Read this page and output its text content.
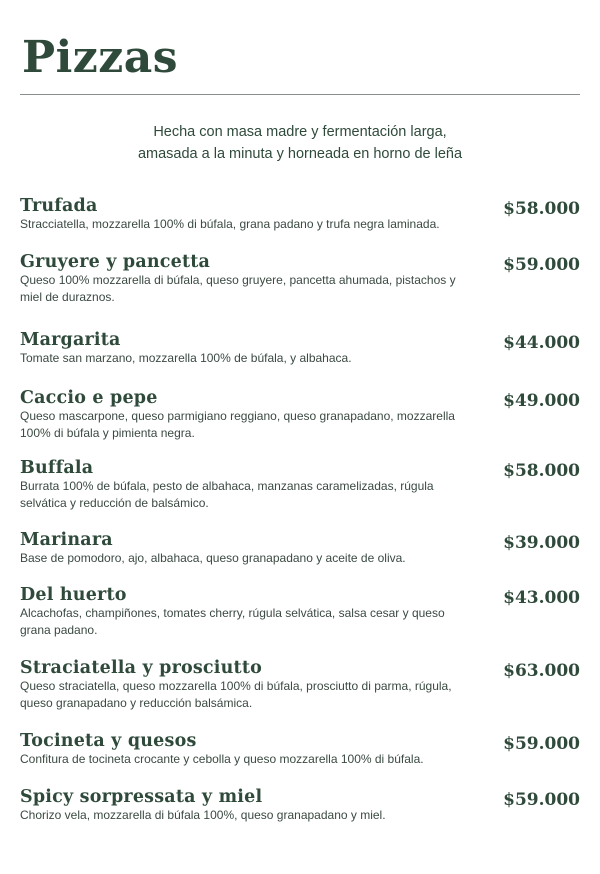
Pizzas
Hecha con masa madre y fermentación larga,
amasada a la minuta y horneada en horno de leña
Trufada
Stracciatella, mozzarella 100% di búfala, grana padano y trufa negra laminada.
$58.000
Gruyere y pancetta
Queso 100% mozzarella di búfala, queso gruyere, pancetta ahumada, pistachos y miel de duraznos.
$59.000
Margarita
Tomate san marzano, mozzarella 100% de búfala, y albahaca.
$44.000
Caccio e pepe
Queso mascarpone, queso parmigiano reggiano, queso granapadano, mozzarella 100% di búfala y pimienta negra.
$49.000
Buffala
Burrata 100% de búfala, pesto de albahaca, manzanas caramelizadas, rúgula selvática y reducción de balsámico.
$58.000
Marinara
Base de pomodoro, ajo, albahaca, queso granapadano y aceite de oliva.
$39.000
Del huerto
Alcachofas, champiñones, tomates cherry, rúgula selvática, salsa cesar y queso grana padano.
$43.000
Straciatella y prosciutto
Queso straciatella, queso mozzarella 100% di búfala, prosciutto di parma, rúgula, queso granapadano y reducción balsámica.
$63.000
Tocineta y quesos
Confitura de tocineta crocante y cebolla y queso mozzarella 100% di búfala.
$59.000
Spicy sorpressata y miel
Chorizo vela, mozzarella di búfala 100%, queso granapadano y miel.
$59.000
